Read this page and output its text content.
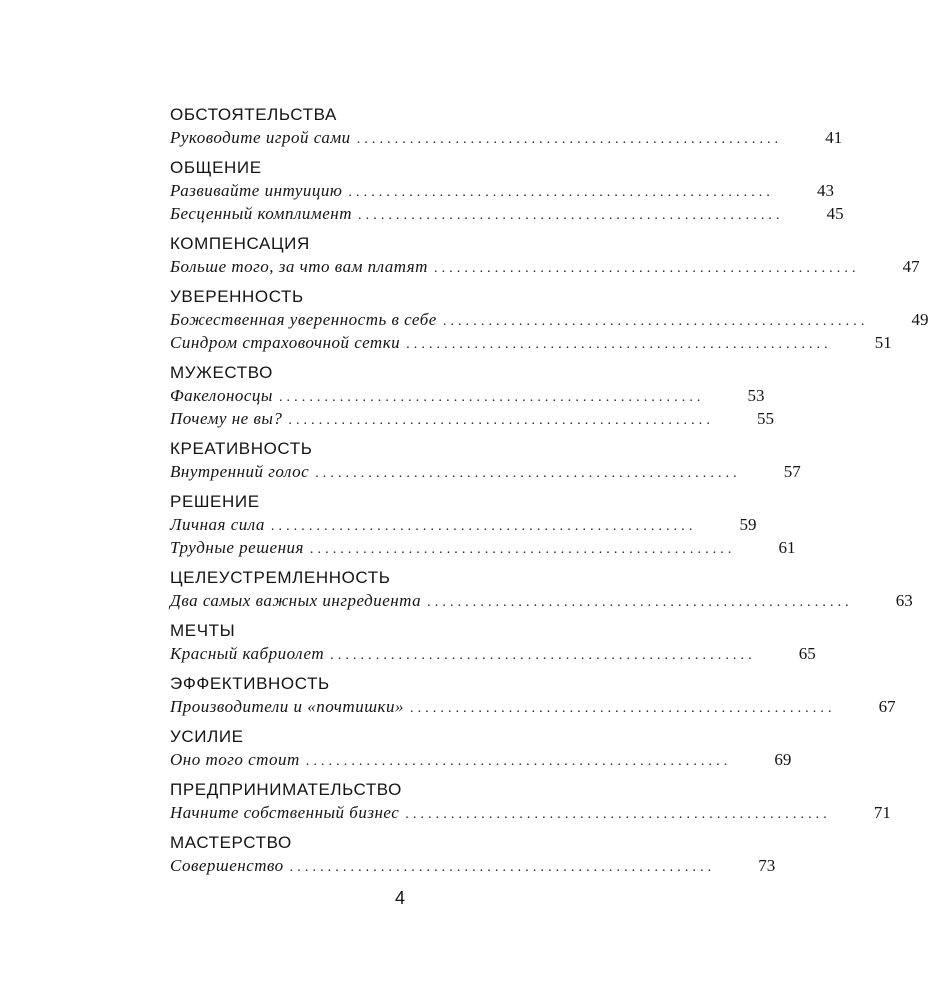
ОБСТОЯТЕЛЬСТВА
Руководите игрой сами ........................................................	41
ОБЩЕНИЕ
Развивайте интуицию ........................................................	43
Бесценный комплимент ........................................................	45
КОМПЕНСАЦИЯ
Больше того, за что вам платят ........................................................	47
УВЕРЕННОСТЬ
Божественная уверенность в себе ........................................................	49
Синдром страховочной сетки ........................................................	51
МУЖЕСТВО
Факелоносцы ........................................................	53
Почему не вы? ........................................................	55
КРЕАТИВНОСТЬ
Внутренний голос ........................................................	57
РЕШЕНИЕ
Личная сила ........................................................	59
Трудные решения ........................................................	61
ЦЕЛЕУСТРЕМЛЕННОСТЬ
Два самых важных ингредиента ........................................................	63
МЕЧТЫ
Красный кабриолет ........................................................	65
ЭФФЕКТИВНОСТЬ
Производители и «почтишки» ........................................................	67
УСИЛИЕ
Оно того стоит ........................................................	69
ПРЕДПРИНИМАТЕЛЬСТВО
Начните собственный бизнес ........................................................	71
МАСТЕРСТВО
Совершенство ........................................................	73
4
